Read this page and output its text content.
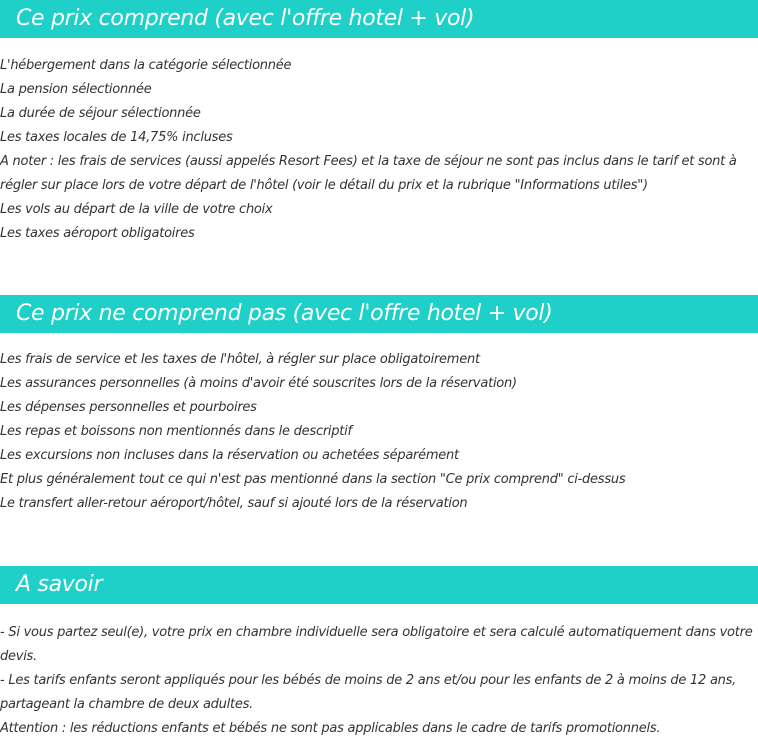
Ce prix comprend (avec l'offre hotel + vol)
L'hébergement dans la catégorie sélectionnée
La pension sélectionnée
La durée de séjour sélectionnée
Les taxes locales de 14,75% incluses
A noter : les frais de services (aussi appelés Resort Fees) et la taxe de séjour ne sont pas inclus dans le tarif et sont à régler sur place lors de votre départ de l'hôtel (voir le détail du prix et la rubrique "Informations utiles")
Les vols au départ de la ville de votre choix
Les taxes aéroport obligatoires
Ce prix ne comprend pas (avec l'offre hotel + vol)
Les frais de service et les taxes de l'hôtel, à régler sur place obligatoirement
Les assurances personnelles (à moins d'avoir été souscrites lors de la réservation)
Les dépenses personnelles et pourboires
Les repas et boissons non mentionnés dans le descriptif
Les excursions non incluses dans la réservation ou achetées séparément
Et plus généralement tout ce qui n'est pas mentionné dans la section "Ce prix comprend" ci-dessus
Le transfert aller-retour aéroport/hôtel, sauf si ajouté lors de la réservation
A savoir
- Si vous partez seul(e), votre prix en chambre individuelle sera obligatoire et sera calculé automatiquement dans votre devis.
- Les tarifs enfants seront appliqués pour les bébés de moins de 2 ans et/ou pour les enfants de 2 à moins de 12 ans, partageant la chambre de deux adultes.
Attention : les réductions enfants et bébés ne sont pas applicables dans le cadre de tarifs promotionnels.
